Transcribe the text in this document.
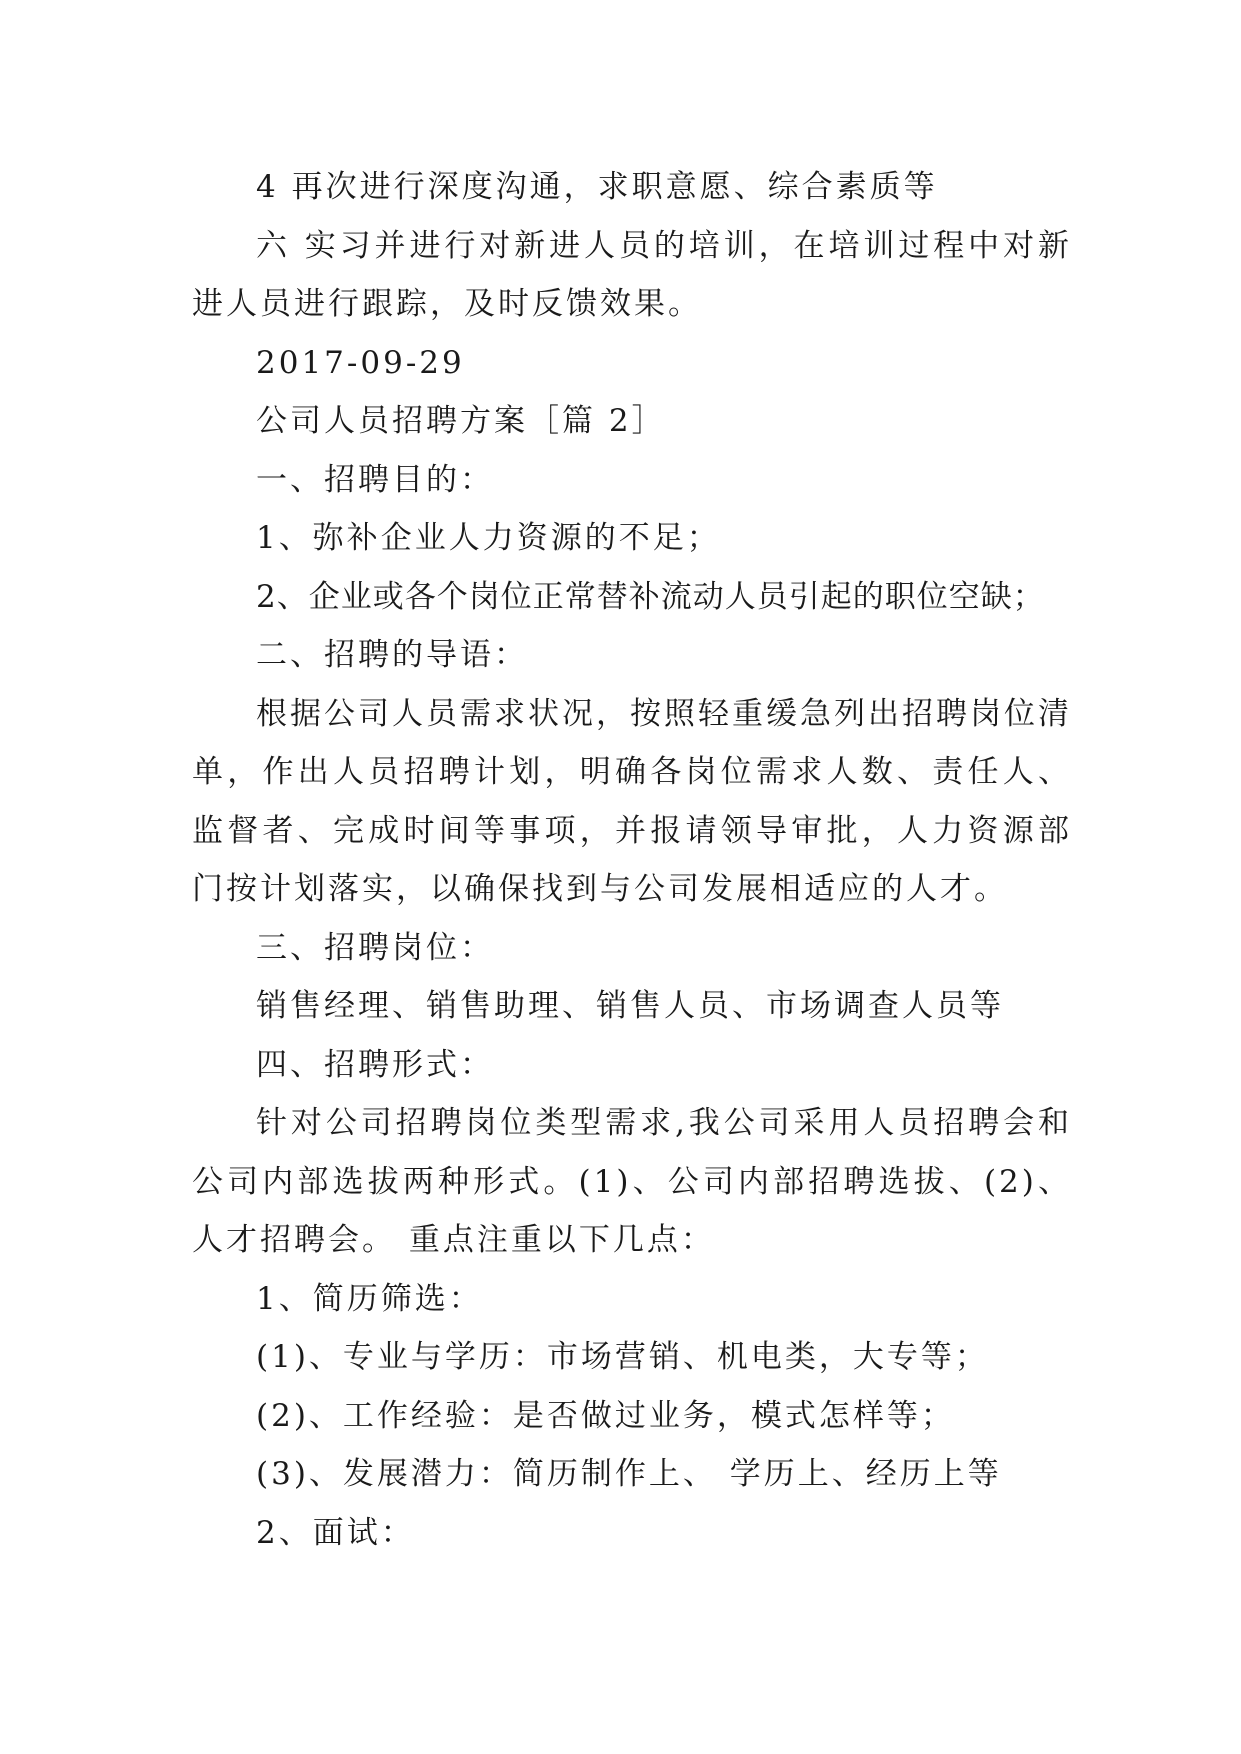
4 再次进行深度沟通，求职意愿、综合素质等

六 实习并进行对新进人员的培训，在培训过程中对新进人员进行跟踪，及时反馈效果。

2017-09-29

公司人员招聘方案［篇 2］

一、招聘目的：

1、弥补企业人力资源的不足；

2、企业或各个岗位正常替补流动人员引起的职位空缺；

二、招聘的导语：

根据公司人员需求状况，按照轻重缓急列出招聘岗位清单，作出人员招聘计划，明确各岗位需求人数、责任人、监督者、完成时间等事项，并报请领导审批，人力资源部门按计划落实，以确保找到与公司发展相适应的人才。

三、招聘岗位：

销售经理、销售助理、销售人员、市场调查人员等

四、招聘形式：

针对公司招聘岗位类型需求,我公司采用人员招聘会和公司内部选拔两种形式。(1)、公司内部招聘选拔、(2)、人才招聘会。 重点注重以下几点：

1、简历筛选：

(1)、专业与学历：市场营销、机电类，大专等；

(2)、工作经验：是否做过业务，模式怎样等；

(3)、发展潜力：简历制作上、 学历上、经历上等

2、面试：
